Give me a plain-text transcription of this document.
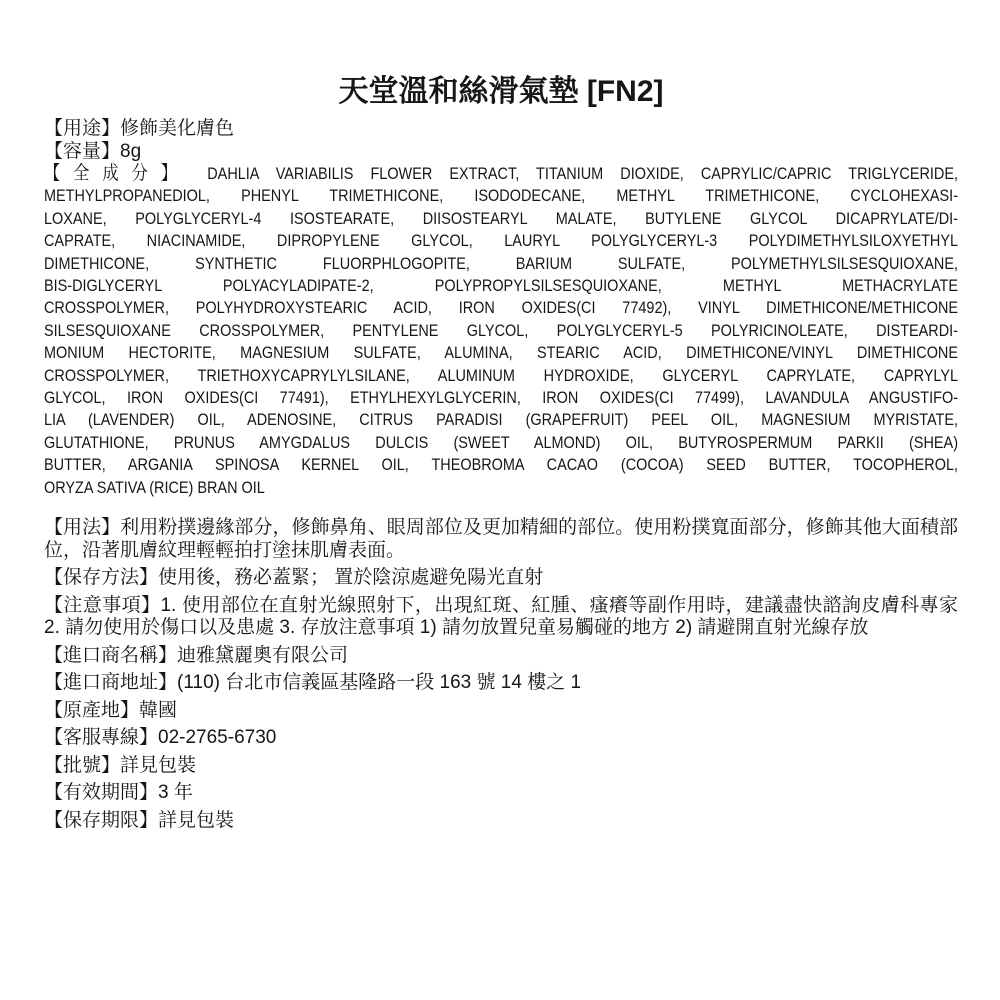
天堂溫和絲滑氣墊 [FN2]

【用途】修飾美化膚色

【容量】8g

【全成分】 DAHLIA VARIABILIS FLOWER EXTRACT, TITANIUM DIOXIDE, CAPRYLIC/CAPRIC TRIGLYCERIDE,
METHYLPROPANEDIOL, PHENYL TRIMETHICONE, ISODODECANE, METHYL TRIMETHICONE, CYCLOHEXASI-
LOXANE, POLYGLYCERYL-4 ISOSTEARATE, DIISOSTEARYL MALATE, BUTYLENE GLYCOL DICAPRYLATE/DI-
CAPRATE, NIACINAMIDE, DIPROPYLENE GLYCOL, LAURYL POLYGLYCERYL-3 POLYDIMETHYLSILOXYETHYL
DIMETHICONE, SYNTHETIC FLUORPHLOGOPITE, BARIUM SULFATE, POLYMETHYLSILSESQUIOXANE,
BIS-DIGLYCERYL POLYACYLADIPATE-2, POLYPROPYLSILSESQUIOXANE, METHYL METHACRYLATE
CROSSPOLYMER, POLYHYDROXYSTEARIC ACID, IRON OXIDES(CI 77492), VINYL DIMETHICONE/METHICONE
SILSESQUIOXANE CROSSPOLYMER, PENTYLENE GLYCOL, POLYGLYCERYL-5 POLYRICINOLEATE, DISTEARDI-
MONIUM HECTORITE, MAGNESIUM SULFATE, ALUMINA, STEARIC ACID, DIMETHICONE/VINYL DIMETHICONE
CROSSPOLYMER, TRIETHOXYCAPRYLYLSILANE, ALUMINUM HYDROXIDE, GLYCERYL CAPRYLATE, CAPRYLYL
GLYCOL, IRON OXIDES(CI 77491), ETHYLHEXYLGLYCERIN, IRON OXIDES(CI 77499), LAVANDULA ANGUSTIFO-
LIA (LAVENDER) OIL, ADENOSINE, CITRUS PARADISI (GRAPEFRUIT) PEEL OIL, MAGNESIUM MYRISTATE,
GLUTATHIONE, PRUNUS AMYGDALUS DULCIS (SWEET ALMOND) OIL, BUTYROSPERMUM PARKII (SHEA)
BUTTER, ARGANIA SPINOSA KERNEL OIL, THEOBROMA CACAO (COCOA) SEED BUTTER, TOCOPHEROL,
ORYZA SATIVA (RICE) BRAN OIL

【用法】利用粉撲邊緣部分，修飾鼻角、眼周部位及更加精細的部位。使用粉撲寬面部分，修飾其他大面積部位，沿著肌膚紋理輕輕拍打塗抹肌膚表面。

【保存方法】使用後，務必蓋緊； 置於陰涼處避免陽光直射

【注意事項】1. 使用部位在直射光線照射下，出現紅斑、紅腫、瘙癢等副作用時，建議盡快諮詢皮膚科專家 2. 請勿使用於傷口以及患處 3. 存放注意事項 1) 請勿放置兒童易觸碰的地方 2) 請避開直射光線存放

【進口商名稱】迪雅黛麗奧有限公司

【進口商地址】(110) 台北市信義區基隆路一段 163 號 14 樓之 1

【原產地】韓國

【客服專線】02-2765-6730

【批號】詳見包裝

【有效期間】3 年

【保存期限】詳見包裝
